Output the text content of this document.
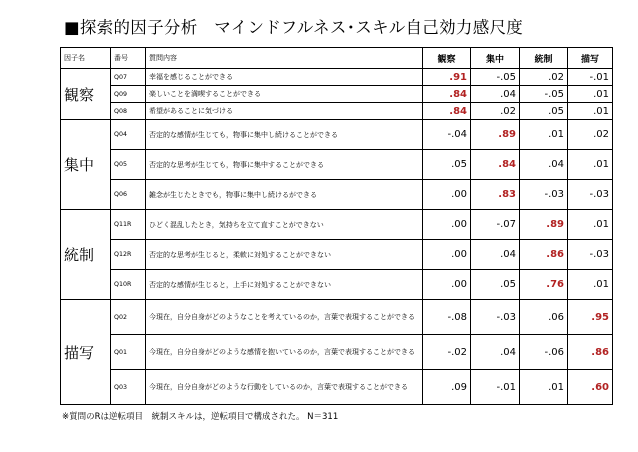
■探索的因子分析　マインドフルネス･スキル自己効力感尺度
因子名	番号	質問内容	観察	集中	統制	描写
観察	Q07	幸福を感じることができる	.91	-.05	.02	-.01
	Q09	楽しいことを満喫することができる	.84	.04	-.05	.01
	Q08	希望があることに気づける	.84	.02	.05	.01
集中	Q04	否定的な感情が生じても，物事に集中し続けることができる	-.04	.89	.01	.02
	Q05	否定的な思考が生じても，物事に集中することができる	.05	.84	.04	.01
	Q06	雑念が生じたときでも，物事に集中し続けるができる	.00	.83	-.03	-.03
統制	Q11R	ひどく混乱したとき，気持ちを立て直すことができない	.00	-.07	.89	.01
	Q12R	否定的な思考が生じると，柔軟に対処することができない	.00	.04	.86	-.03
	Q10R	否定的な感情が生じると，上手に対処することができない	.00	.05	.76	.01
描写	Q02	今現在，自分自身がどのようなことを考えているのか，言葉で表現することができる	-.08	-.03	.06	.95
	Q01	今現在，自分自身がどのような感情を抱いているのか，言葉で表現することができる	-.02	.04	-.06	.86
	Q03	今現在，自分自身がどのような行動をしているのか，言葉で表現することができる	.09	-.01	.01	.60
※質問のRは逆転項目　統制スキルは，逆転項目で構成された。 N＝311
